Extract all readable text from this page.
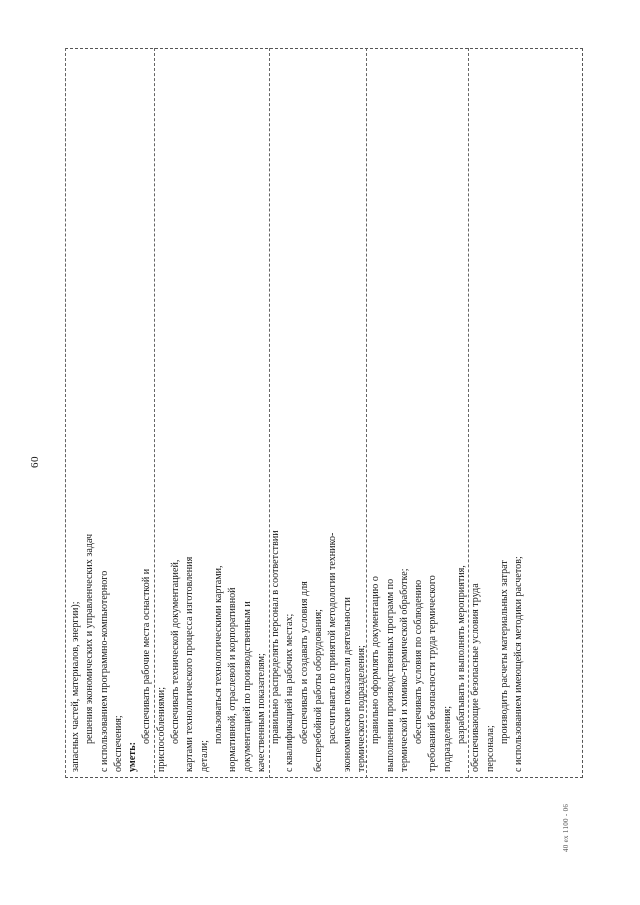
60

запасных частей, материалов, энергии); решения экономических и управленческих задач с использованием программно-компьютерного обеспечения; уметь:

обеспечивать рабочие места оснасткой и приспособлениями; обеспечивать технической документацией, картами технологического процесса изготовления детали;

пользоваться технологическими картами, нормативной, отраслевой и корпоративной документацией по производственным и качественным показателям; правильно распределять персонал в соответствии с квалификацией на рабочих местах; обеспечивать и создавать условия для бесперебойной работы оборудования; рассчитывать по принятой методологии технико- экономические показатели деятельности термического подразделения; правильно оформлять документацию о выполнении производственных программ по термической и химико-термической обработке; обеспечивать условия по соблюдению требований безопасности труда термического подразделения; разрабатывать и выполнять мероприятия, обеспечивающие безопасные условия труда персонала;

производить расчеты материальных затрат с использованием имеющейся методики расчетов;

40 ex 1100 - 06
